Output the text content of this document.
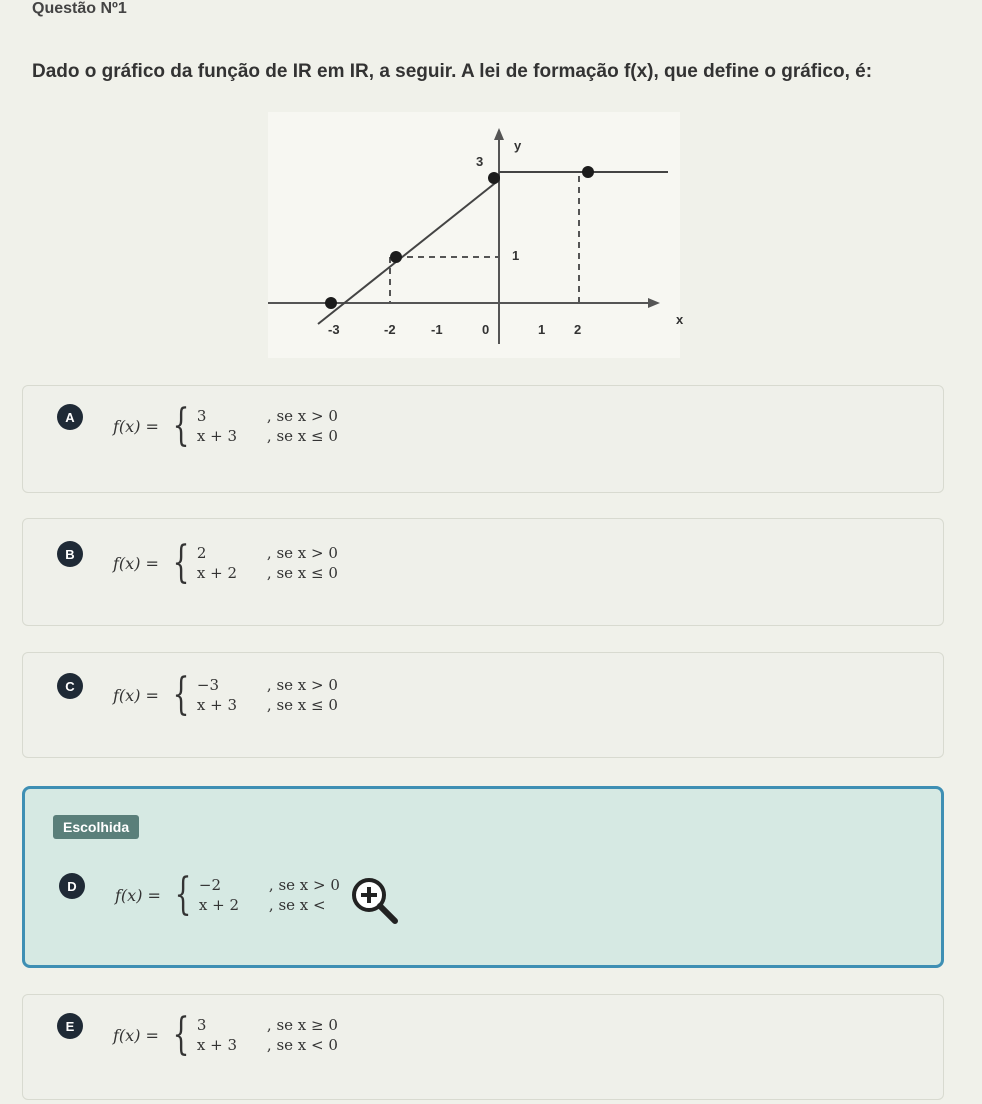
Questão Nº1
Dado o gráfico da função de IR em IR, a seguir. A lei de formação f(x), que define o gráfico, é:
y
x
3
1
-3	-2	-1	0	1 2
A	f(x) = { 3	, se x > 0
x + 3	, se x ≤ 0
B	f(x) = { 2	, se x > 0
x + 2	, se x ≤ 0
C	f(x) = { −3	, se x > 0
x + 3	, se x ≤ 0
Escolhida
D	f(x) = { −2	, se x > 0
x + 2	, se x <
E	f(x) = { 3	, se x ≥ 0
x + 3	, se x < 0
